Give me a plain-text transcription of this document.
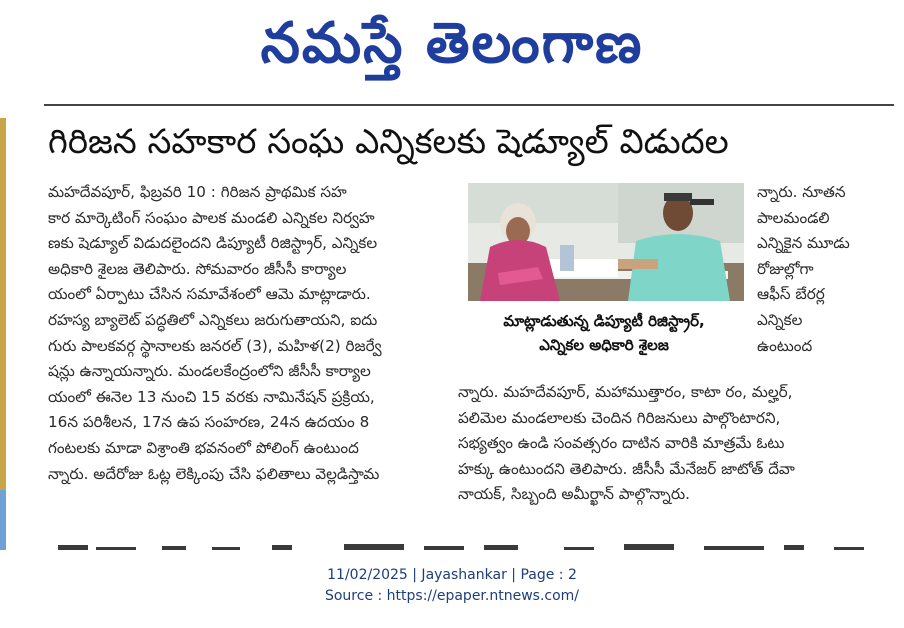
నమస్తే తెలంగాణ
గిరిజన సహకార సంఘ ఎన్నికలకు షెడ్యూల్ విడుదల

మహదేవపూర్, ఫిబ్రవరి 10 : గిరిజన ప్రాథమిక సహ

కార మార్కెటింగ్ సంఘం పాలక మండలి ఎన్నికల నిర్వహ

ణకు షెడ్యూల్ విడుదలైందని డిప్యూటీ రిజిస్ట్రార్, ఎన్నికల

అధికారి శైలజ తెలిపారు. సోమవారం జీసీసీ కార్యాల

యంలో ఏర్పాటు చేసిన సమావేశంలో ఆమె మాట్లాడారు.

రహస్య బ్యాలెట్ పద్ధతిలో ఎన్నికలు జరుగుతాయని, ఐదు

గురు పాలకవర్గ స్థానాలకు జనరల్ (3), మహిళ(2) రిజర్వే

షన్లు ఉన్నాయన్నారు. మండలకేంద్రంలోని జీసీసీ కార్యాల

యంలో ఈనెల 13 నుంచి 15 వరకు నామినేషన్ ప్రక్రియ,

16న పరిశీలన, 17న ఉప సంహరణ, 24న ఉదయం 8

గంటలకు మాడా విశ్రాంతి భవనంలో పోలింగ్ ఉంటుంద

న్నారు. అదేరోజు ఓట్ల లెక్కింపు చేసి ఫలితాలు వెల్లడిస్తామ

మాట్లాడుతున్న డిప్యూటీ రిజిస్ట్రార్,

ఎన్నికల అధికారి శైలజ

న్నారు. నూతన

పాలమండలి

ఎన్నికైన మూడు

రోజుల్లోగా

ఆఫీస్ బేరర్ల

ఎన్నికల

ఉంటుంద

న్నారు. మహదేవపూర్, మహాముత్తారం, కాటా రం, మల్హర్,

పలిమెల మండలాలకు చెందిన గిరిజనులు పాల్గొంటారని,

సభ్యత్వం ఉండి సంవత్సరం దాటిన వారికి మాత్రమే ఓటు

హక్కు ఉంటుందని తెలిపారు. జీసీసీ మేనేజర్ జాటోత్ దేవా

నాయక్, సిబ్బంది అమీర్ఖాన్ పాల్గొన్నారు.

11/02/2025 | Jayashankar | Page : 2
Source : https://epaper.ntnews.com/
